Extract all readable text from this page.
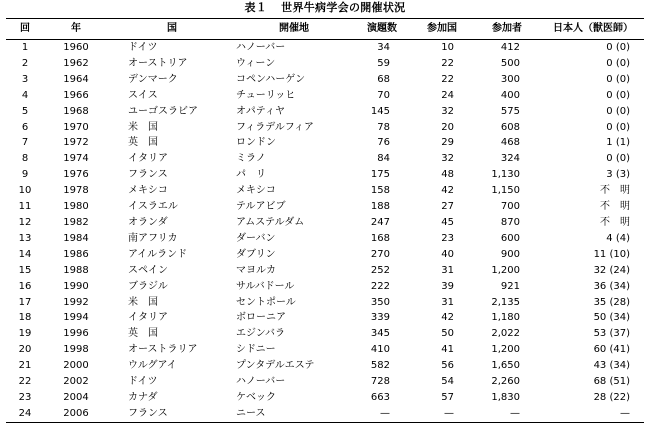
表１ 世界牛病学会の開催状況
回	年	国	開催地	演題数	参加国	参加者	日本人（獣医師）
1	1960	ドイツ	ハノーバー	34	10	412	0 (0)
2	1962	オーストリア	ウィーン	59	22	500	0 (0)
3	1964	デンマーク	コペンハーゲン	68	22	300	0 (0)
4	1966	スイス	チューリッヒ	70	24	400	0 (0)
5	1968	ユーゴスラビア	オパティヤ	145	32	575	0 (0)
6	1970	米　国	フィラデルフィア	78	20	608	0 (0)
7	1972	英　国	ロンドン	76	29	468	1 (1)
8	1974	イタリア	ミラノ	84	32	324	0 (0)
9	1976	フランス	パ　リ	175	48	1,130	3 (3)
10	1978	メキシコ	メキシコ	158	42	1,150	不　明
11	1980	イスラエル	テルアビブ	188	27	700	不　明
12	1982	オランダ	アムステルダム	247	45	870	不　明
13	1984	南アフリカ	ダーバン	168	23	600	4 (4)
14	1986	アイルランド	ダブリン	270	40	900	11 (10)
15	1988	スペイン	マヨルカ	252	31	1,200	32 (24)
16	1990	ブラジル	サルバドール	222	39	921	36 (34)
17	1992	米　国	セントポール	350	31	2,135	35 (28)
18	1994	イタリア	ボローニア	339	42	1,180	50 (34)
19	1996	英　国	エジンバラ	345	50	2,022	53 (37)
20	1998	オーストラリア	シドニー	410	41	1,200	60 (41)
21	2000	ウルグアイ	プンタデルエステ	582	56	1,650	43 (34)
22	2002	ドイツ	ハノーバー	728	54	2,260	68 (51)
23	2004	カナダ	ケベック	663	57	1,830	28 (22)
24	2006	フランス	ニース	—	—	—	—
